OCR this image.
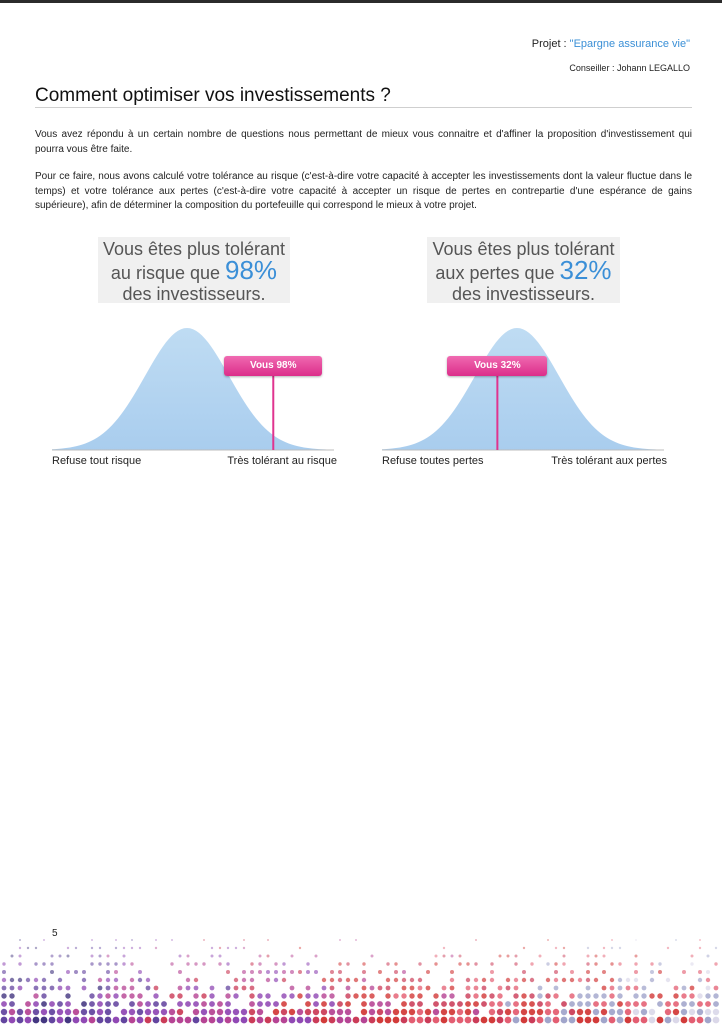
Projet : "Epargne assurance vie"
Conseiller : Johann LEGALLO
Comment optimiser vos investissements ?

Vous avez répondu à un certain nombre de questions nous permettant de mieux vous connaitre et d'affiner la proposition d'investissement qui pourra vous être faite.

Pour ce faire, nous avons calculé votre tolérance au risque (c'est-à-dire votre capacité à accepter les investissements dont la valeur fluctue dans le temps) et votre tolérance aux pertes (c'est-à-dire votre capacité à accepter un risque de pertes en contrepartie d'une espérance de gains supérieure), afin de déterminer la composition du portefeuille qui correspond le mieux à votre projet.

Vous êtes plus tolérant
au risque que 98%
des investisseurs.
Vous 98%
Refuse tout risque	Très tolérant au risque
Vous êtes plus tolérant
aux pertes que 32%
des investisseurs.
Vous 32%
Refuse toutes pertes	Très tolérant aux pertes
5
